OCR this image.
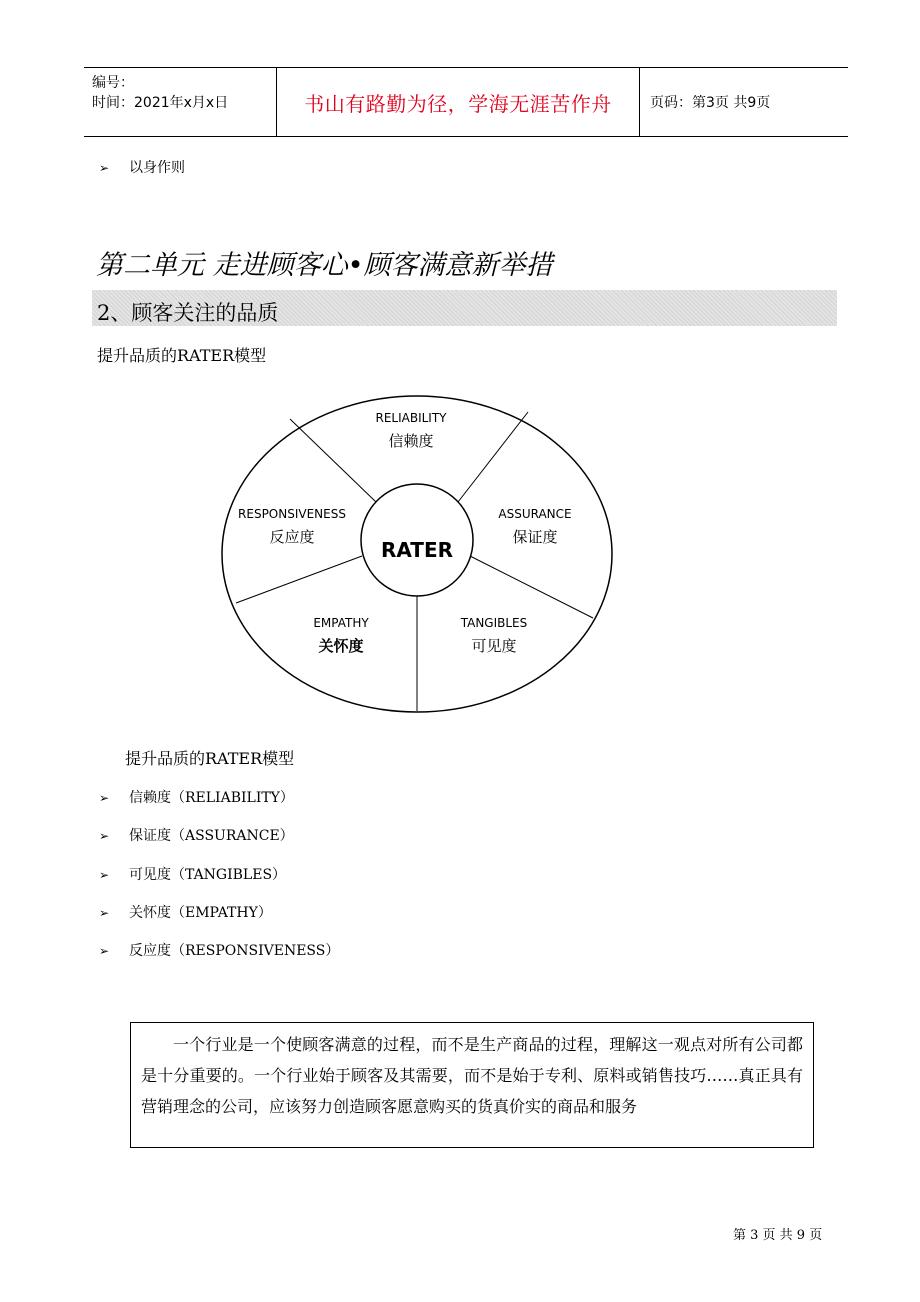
编号：
时间：2021年x月x日	书山有路勤为径，学海无涯苦作舟	页码：第3页 共9页
➢ 以身作则
第二单元 走进顾客心•顾客满意新举措
2、顾客关注的品质
提升品质的RATER模型
RATER
RELIABILITY
信赖度
ASSURANCE
保证度
TANGIBLES
可见度
EMPATHY
关怀度
RESPONSIVENESS
反应度
提升品质的RATER模型
➢ 信赖度（RELIABILITY）
➢ 保证度（ASSURANCE）
➢ 可见度（TANGIBLES）
➢ 关怀度（EMPATHY）
➢ 反应度（RESPONSIVENESS）

一个行业是一个使顾客满意的过程，而不是生产商品的过程，理解这一观点对所有公司都是十分重要的。一个行业始于顾客及其需要，而不是始于专利、原料或销售技巧……真正具有营销理念的公司，应该努力创造顾客愿意购买的货真价实的商品和服务

第 3 页 共 9 页
